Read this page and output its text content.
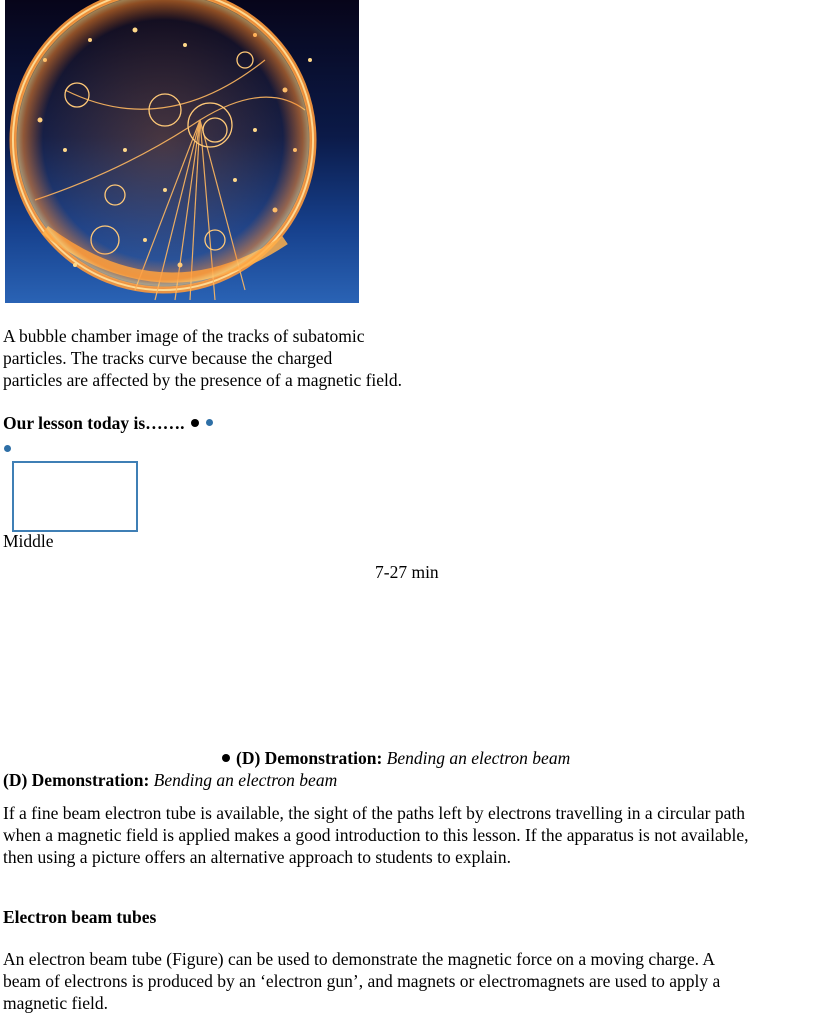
A bubble chamber image of the tracks of subatomic
particles. The tracks curve because the charged
particles are affected by the presence of a magnetic field.
Our lesson today is…….
Middle
7-27 min
(D) Demonstration: Bending an electron beam
(D) Demonstration: Bending an electron beam
If a fine beam electron tube is available, the sight of the paths left by electrons travelling in a circular path
when a magnetic field is applied makes a good introduction to this lesson. If the apparatus is not available,
then using a picture offers an alternative approach to students to explain.
Electron beam tubes
An electron beam tube (Figure) can be used to demonstrate the magnetic force on a moving charge. A
beam of electrons is produced by an ‘electron gun’, and magnets or electromagnets are used to apply a
magnetic field.
